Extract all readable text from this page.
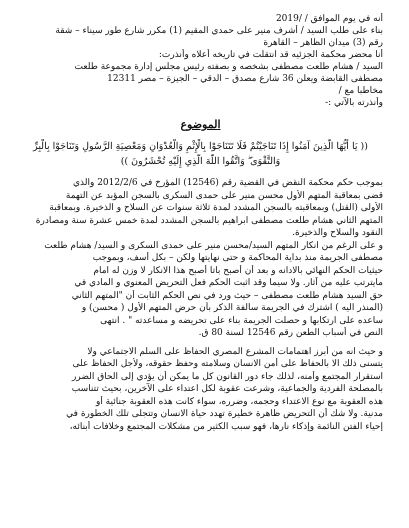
أنه في يوم الموافق / /2019
بناء على طلب السيد / أشرف منير على حمدي المقيم (1) مكرر شارع طور سيناء – شقة
رقم (3) ميدان الظاهر – القاهرة
أنا محضر محكمة الجزئيه قد انتقلت في تاريخه أعلاه وأنذرت:
السيد / هشام طلعت مصطفى بشخصه و بصفته رئيس مجلس إدارة مجموعة طلعت
مصطفى القابضة ويعلن 36 شارع مصدق – الدقي – الجيزة – مصر 12311
مخاطبا مع /
وأنذرته بالآتي :-
الموضوع
(( يَا أَيُّهَا الَّذِينَ آمَنُوا إِذَا تَنَاجَيْتُمْ فَلَا تَتَنَاجَوْا بِالْإِثْمِ وَالْعُدْوَانِ وَمَعْصِيَةِ الرَّسُولِ وَتَنَاجَوْا بِالْبِرِّ
وَالتَّقْوَى ۖ وَاتَّقُوا اللَّهَ الَّذِي إِلَيْهِ تُحْشَرُونَ ))
بموجب حكم محكمة النقض في القضية رقم (12546) المؤرخ في 2012/2/6 والذي
قضى بمعاقبة المتهم الأول محسن منير على حمدى السكرى بالسجن المؤبد عن التهمة
الأولى (القتل) وبمعاقبته بالسجن المشدد لمدة ثلاثة سنوات عن السلاح و الذخيرة. وبمعاقبة
المتهم الثاني هشام طلعت مصطفى ابراهيم بالسجن المشدد لمدة خمس عشرة سنة ومصادرة
النقود والسلاح والذخيرة.
و على الرغم من انكار المتهم السيد/محسن منير على حمدى السكرى و السيد/ هشام طلعت
مصطفى الجريمة منذ بداية المحاكمة و حتى نهايتها ولكن – بكل أسف، وبموجب
حيثيات الحكم النهائي بالادانه و بعد أن أصبح باتا أصبح هذا الانكار لا وزن له امام
مايترتب عليه من آثار. ولا سيما وقد اثبت الحكم فعل التحريض المعنوي و المادي في
حق السيد هشام طلعت مصطفى – حيث ورد في نص الحكم الثابت أن "المتهم الثاني
(المنذر اليه ) اشترك في الجريمة سالفة الذكر بأن حرض المتهم الأول ( محسن) و
ساعده على ارتكابها و حصلت الجريمة بناء على تحريضه و مساعدته " . انتهى
النص في أسباب الطعن رقم 12546 لسنة 80 ق.
و حيث انه من أبرز اهتمامات المشرع المصري الحفاظ على السلم الاجتماعي ولا
يتسنى ذلك الا بالحفاظ على أمن الانسان وسلامته وحفظ حقوقه، ولأجل الحفاظ على
استقرار المجتمع وأمنه، لذلك جاء دور القانون كل ما يمكن أن يؤدي إلى الحاق الضرر
بالمصلحة الفردية والجماعية، وشرعت عقوبة لكل اعتداء على الآخرين، بحيث تتناسب
هذه العقوبة مع نوع الاعتداء وحجمه، وضرره، سواء كانت هذه العقوبة جنائية أو
مدنية. ولا شك أن التحريض ظاهرة خطيرة تهدد حياة الانسان وتتجلى تلك الخطورة في
إحياء الفتن النائمة وإذكاء نارها، فهو سبب الكثير من مشكلات المجتمع وخلافات أبنائه،
